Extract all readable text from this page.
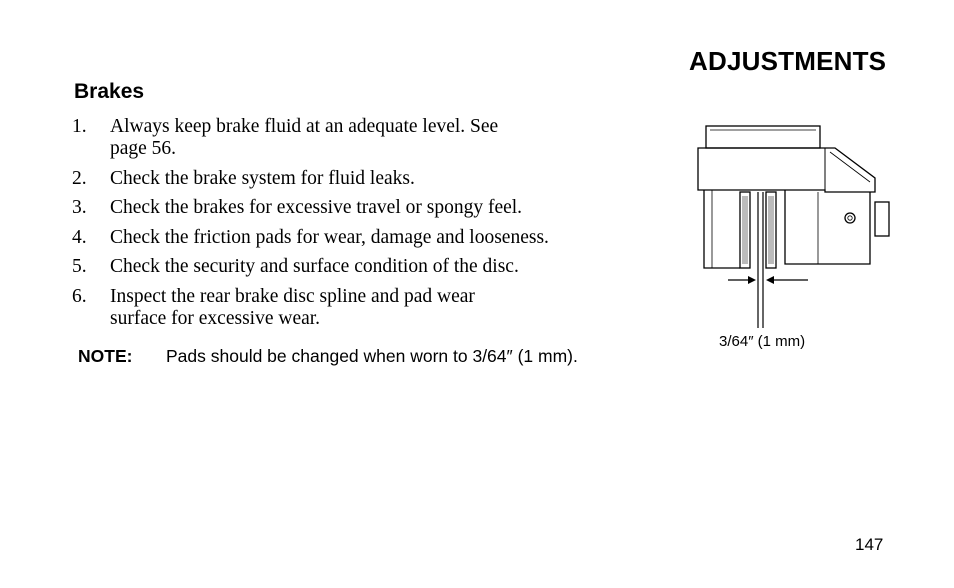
ADJUSTMENTS
Brakes
1. Always keep brake fluid at an adequate level. See
page 56.
2. Check the brake system for fluid leaks.
3. Check the brakes for excessive travel or spongy feel.
4. Check the friction pads for wear, damage and looseness.
5. Check the security and surface condition of the disc.
6. Inspect the rear brake disc spline and pad wear
surface for excessive wear.
NOTE: Pads should be changed when worn to 3/64″ (1 mm).
3/64″ (1 mm)
147
